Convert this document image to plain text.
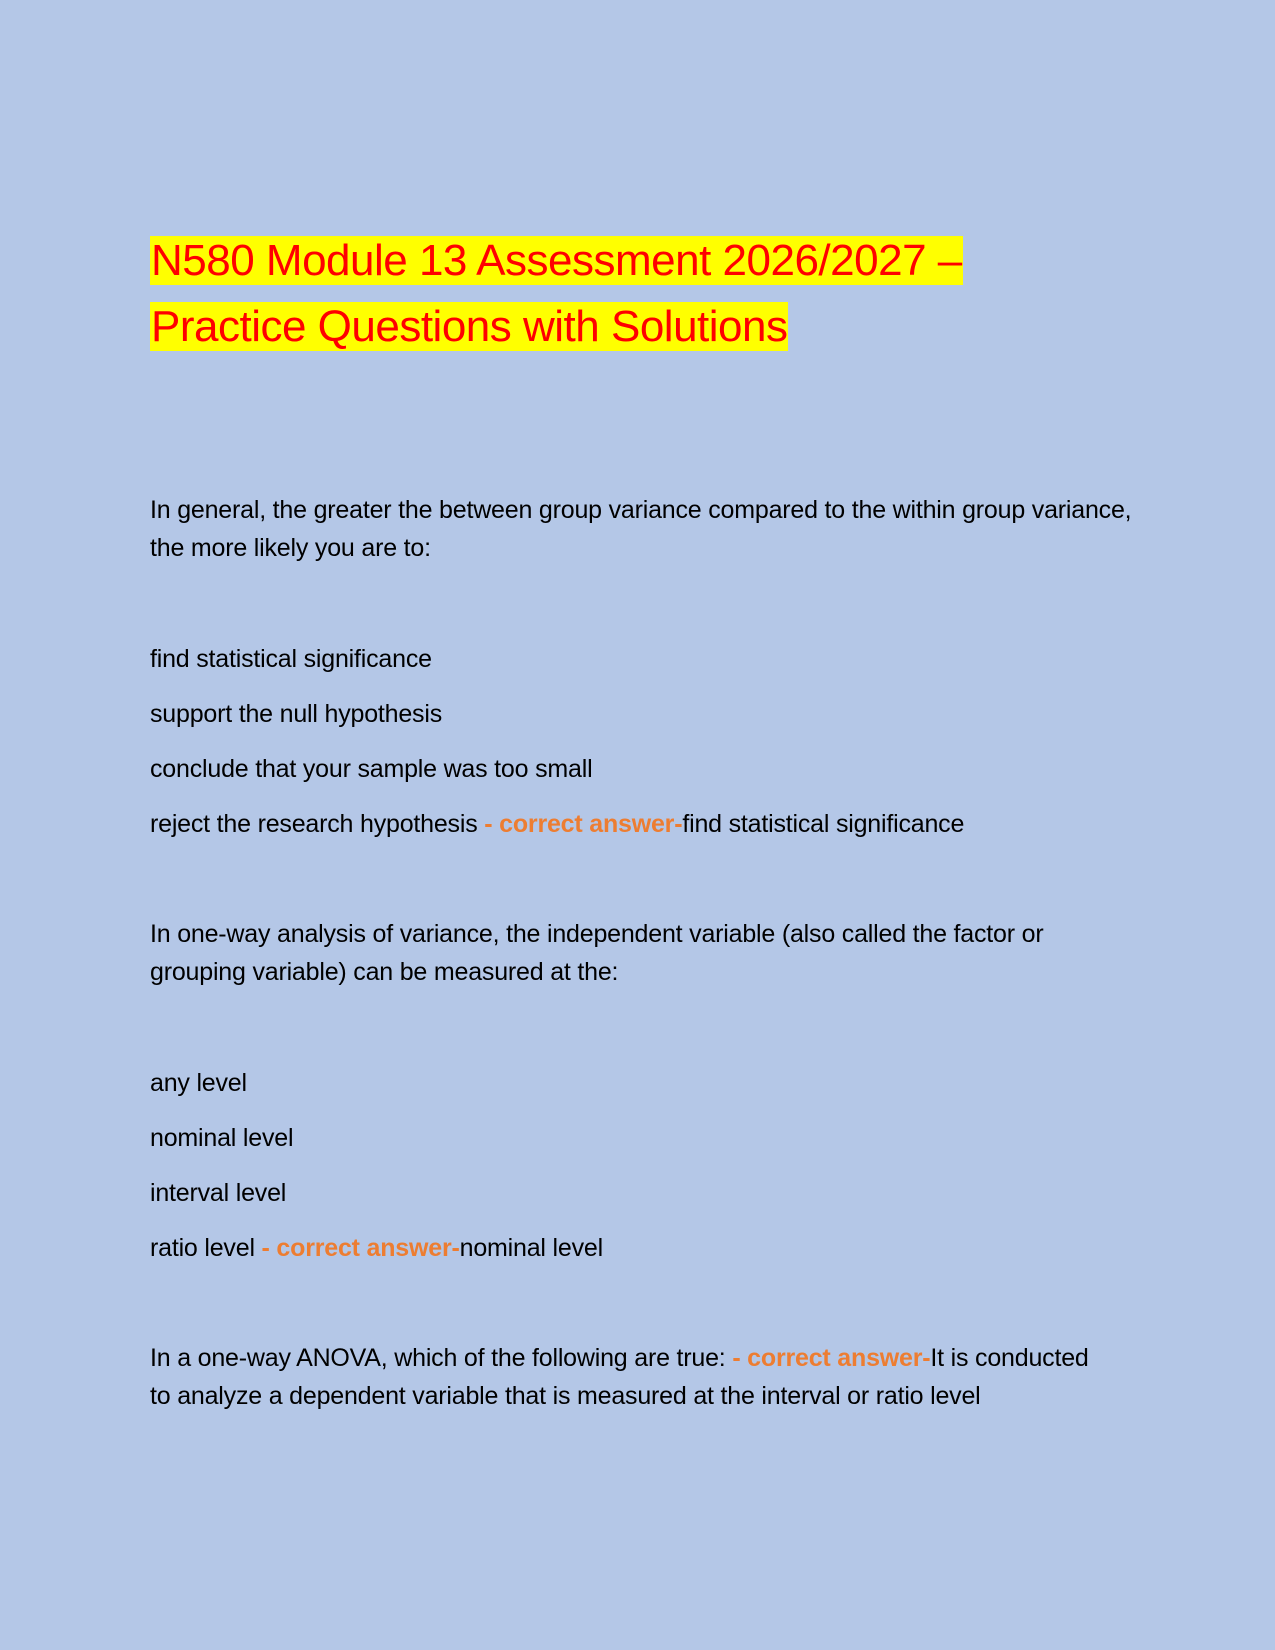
N580 Module 13 Assessment 2026/2027 –
Practice Questions with Solutions
In general, the greater the between group variance compared to the within group variance, the more likely you are to:
find statistical significance
support the null hypothesis
conclude that your sample was too small
reject the research hypothesis - correct answer-find statistical significance
In one-way analysis of variance, the independent variable (also called the factor or grouping variable) can be measured at the:
any level
nominal level
interval level
ratio level - correct answer-nominal level
In a one-way ANOVA, which of the following are true: - correct answer-It is conducted to analyze a dependent variable that is measured at the interval or ratio level
